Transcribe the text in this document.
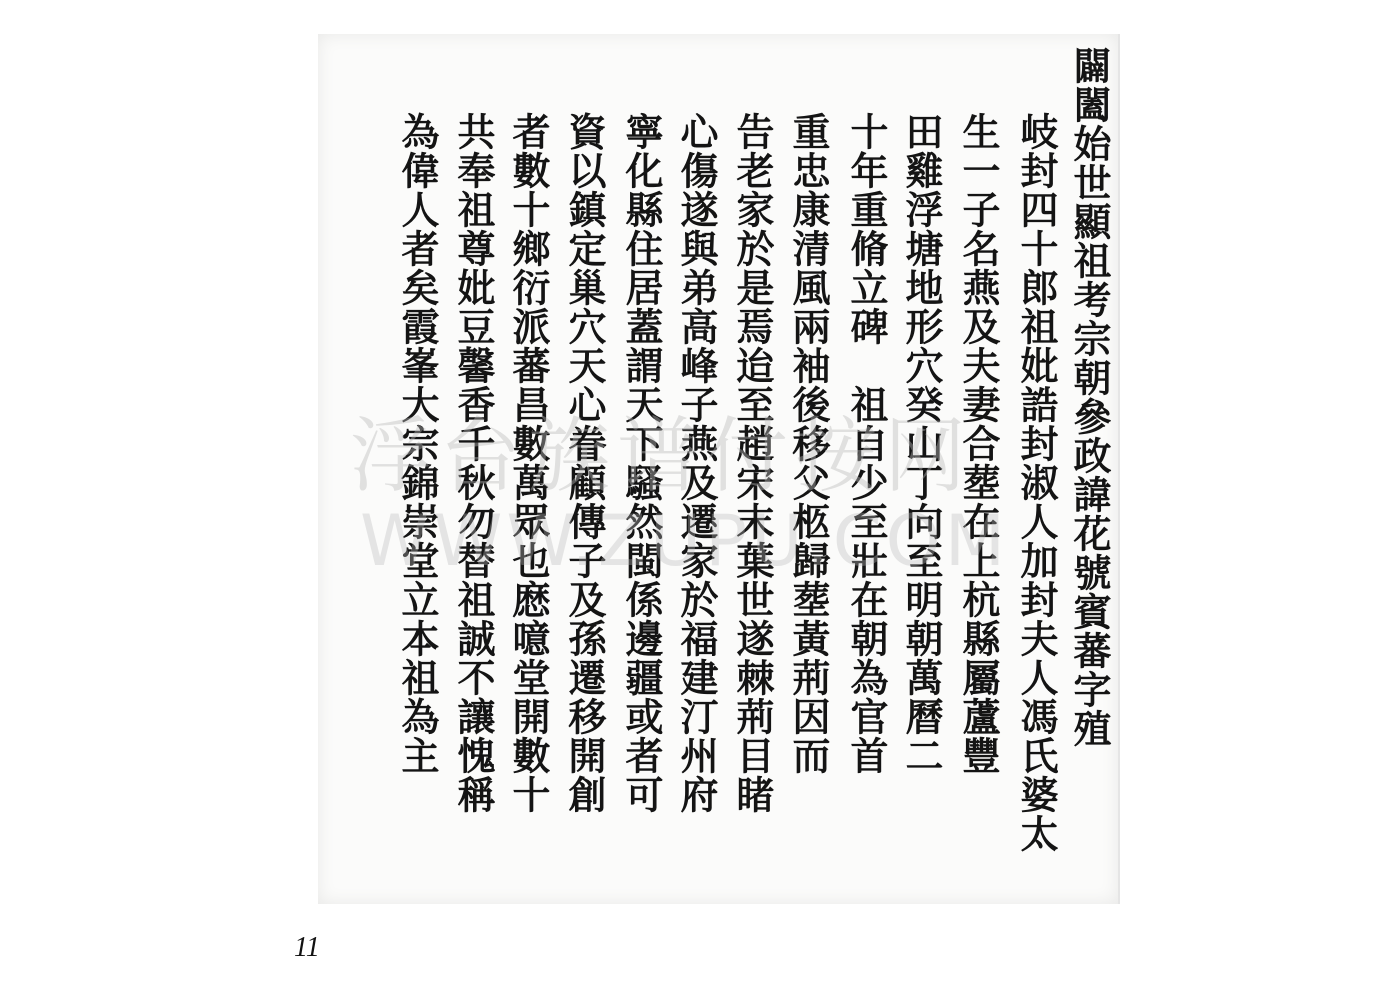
闢闔始世顯祖考宗朝參政諱花號賓蕃字殖
岐封四十郎祖妣誥封淑人加封夫人馮氏婆太
生一子名燕及夫妻合塟在上杭縣屬蘆豐
田雞浮塘地形穴癸山丁向至明朝萬曆二
十年重脩立碑　祖自少至壯在朝為官首
重忠康清風兩袖後移父柩歸塟黃荊因而
告老家於是焉迨至趙宋末葉世遂棘荊目睹
心傷遂與弟高峰子燕及遷家於福建汀州府
寧化縣住居蓋謂天下騷然閩係邊疆或者可
資以鎮定巢穴天心眷顧傳子及孫遷移開創
者數十鄉衍派蕃昌數萬眾也㦄噫堂開數十
共奉祖尊妣豆馨香千秋勿替祖誠不讓愧稱
為偉人者矣霞峯大宗錦崇堂立本祖為主
浮台族谱付按网
WWW.ZUPU.COM
11
